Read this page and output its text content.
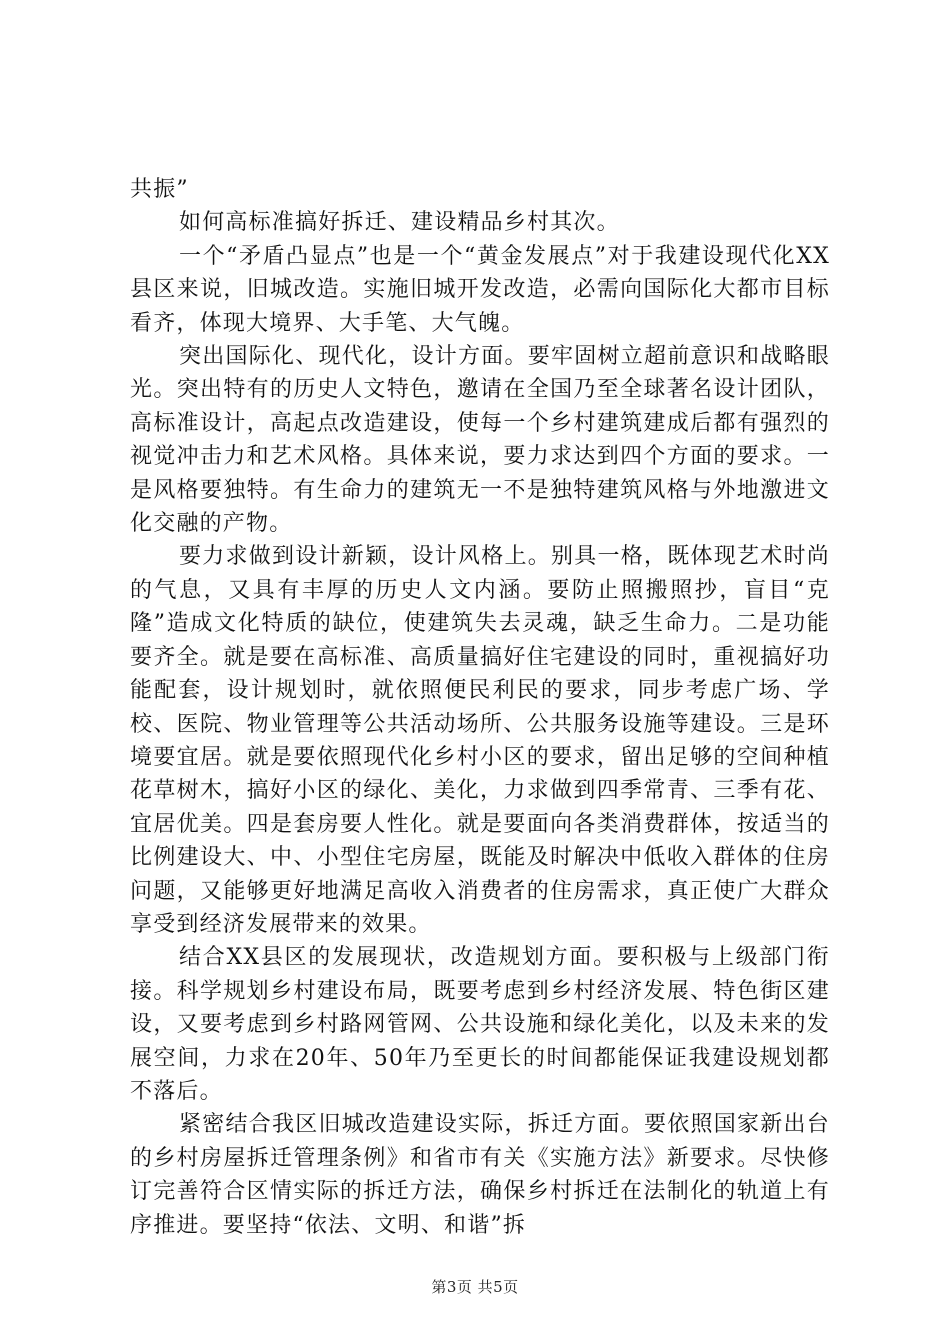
共振”

如何高标准搞好拆迁、建设精品乡村其次。

一个“矛盾凸显点”也是一个“黄金发展点”对于我建设现代化XX县区来说，旧城改造。实施旧城开发改造，必需向国际化大都市目标看齐，体现大境界、大手笔、大气魄。

突出国际化、现代化，设计方面。要牢固树立超前意识和战略眼光。突出特有的历史人文特色，邀请在全国乃至全球著名设计团队，高标准设计，高起点改造建设，使每一个乡村建筑建成后都有强烈的视觉冲击力和艺术风格。具体来说，要力求达到四个方面的要求。一是风格要独特。有生命力的建筑无一不是独特建筑风格与外地激进文化交融的产物。

要力求做到设计新颖，设计风格上。别具一格，既体现艺术时尚的气息，又具有丰厚的历史人文内涵。要防止照搬照抄，盲目“克隆”造成文化特质的缺位，使建筑失去灵魂，缺乏生命力。二是功能要齐全。就是要在高标准、高质量搞好住宅建设的同时，重视搞好功能配套，设计规划时，就依照便民利民的要求，同步考虑广场、学校、医院、物业管理等公共活动场所、公共服务设施等建设。三是环境要宜居。就是要依照现代化乡村小区的要求，留出足够的空间种植花草树木，搞好小区的绿化、美化，力求做到四季常青、三季有花、宜居优美。四是套房要人性化。就是要面向各类消费群体，按适当的比例建设大、中、小型住宅房屋，既能及时解决中低收入群体的住房问题，又能够更好地满足高收入消费者的住房需求，真正使广大群众享受到经济发展带来的效果。

结合XX县区的发展现状，改造规划方面。要积极与上级部门衔接。科学规划乡村建设布局，既要考虑到乡村经济发展、特色街区建设，又要考虑到乡村路网管网、公共设施和绿化美化，以及未来的发展空间，力求在20年、50年乃至更长的时间都能保证我建设规划都不落后。

紧密结合我区旧城改造建设实际，拆迁方面。要依照国家新出台的乡村房屋拆迁管理条例》和省市有关《实施方法》新要求。尽快修订完善符合区情实际的拆迁方法，确保乡村拆迁在法制化的轨道上有序推进。要坚持“依法、文明、和谐”拆

第3页 共5页
